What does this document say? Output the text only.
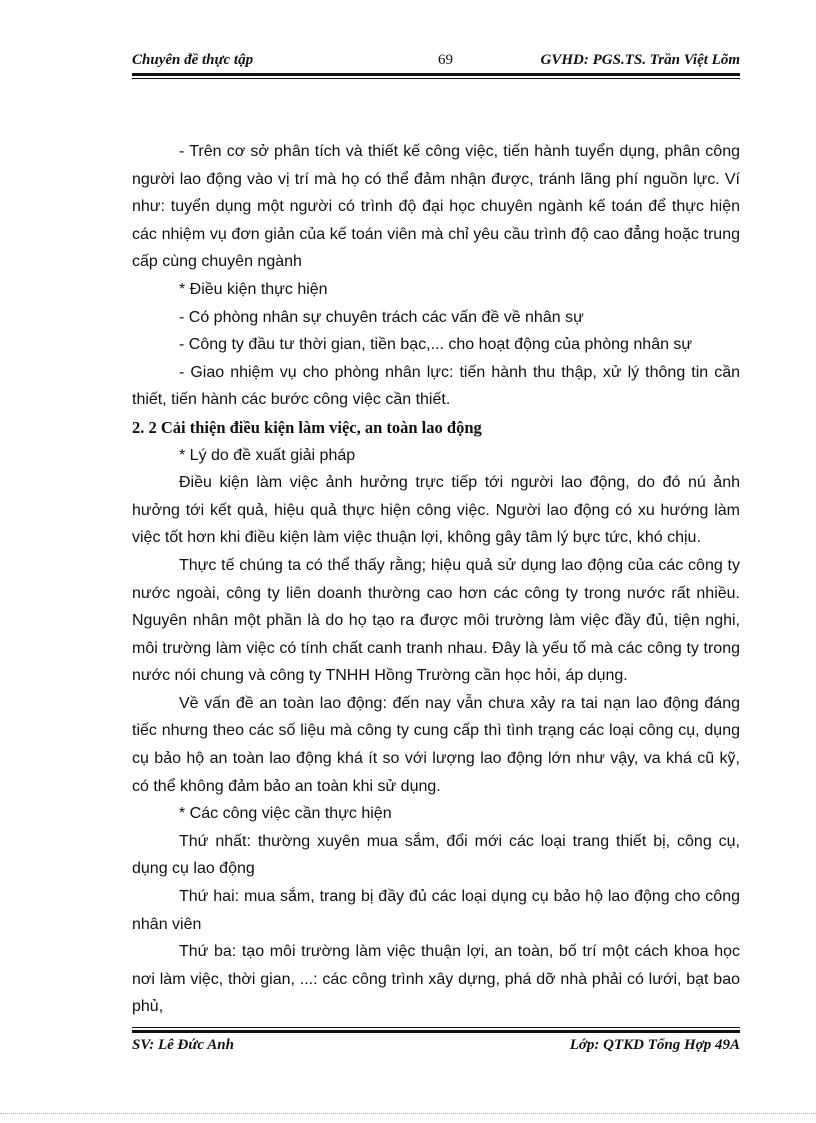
Chuyên đề thực tập	69	GVHD: PGS.TS. Trần Việt Lõm

- Trên cơ sở phân tích và thiết kế công việc, tiến hành tuyển dụng, phân công người lao động vào vị trí mà họ có thể đảm nhận được, tránh lãng phí nguồn lực. Ví như: tuyển dụng một người có trình độ đại học chuyên ngành kế toán để thực hiện các nhiệm vụ đơn giản của kế toán viên mà chỉ yêu cầu trình độ cao đẳng hoặc trung cấp cùng chuyên ngành

* Điều kiện thực hiện

- Có phòng nhân sự chuyên trách các vấn đề về nhân sự

- Công ty đầu tư thời gian, tiền bạc,... cho hoạt động của phòng nhân sự

- Giao nhiệm vụ cho phòng nhân lực: tiến hành thu thập, xử lý thông tin cần thiết, tiến hành các bước công việc cần thiết.

2. 2 Cải thiện điều kiện làm việc, an toàn lao động

* Lý do đề xuất giải pháp

Điều kiện làm việc ảnh hưởng trực tiếp tới người lao động, do đó nú ảnh hưởng tới kết quả, hiệu quả thực hiện công việc. Người lao động có xu hướng làm việc tốt hơn khi điều kiện làm việc thuận lợi, không gây tâm lý bực tức, khó chịu.

Thực tế chúng ta có thể thấy rằng; hiệu quả sử dụng lao động của các công ty nước ngoài, công ty liên doanh thường cao hơn các công ty trong nước rất nhiều. Nguyên nhân một phần là do họ tạo ra được môi trường làm việc đầy đủ, tiện nghi, môi trường làm việc có tính chất canh tranh nhau. Đây là yếu tố mà các công ty trong nước nói chung và công ty TNHH Hồng Trường cần học hỏi, áp dụng.

Về vấn đề an toàn lao động: đến nay vẫn chưa xảy ra tai nạn lao động đáng tiếc nhưng theo các số liệu mà công ty cung cấp thì tình trạng các loại công cụ, dụng cụ bảo hộ an toàn lao động khá ít so với lượng lao động lớn như vậy, va khá cũ kỹ, có thể không đảm bảo an toàn khi sử dụng.

* Các công việc cần thực hiện

Thứ nhất: thường xuyên mua sắm, đổi mới các loại trang thiết bị, công cụ, dụng cụ lao động

Thứ hai: mua sắm, trang bị đầy đủ các loại dụng cụ bảo hộ lao động cho công nhân viên

Thứ ba: tạo môi trường làm việc thuận lợi, an toàn, bố trí một cách khoa học nơi làm việc, thời gian, ...: các công trình xây dựng, phá dỡ nhà phải có lưới, bạt bao phủ,

SV: Lê Đức Anh	Lớp: QTKD Tổng Hợp 49A
